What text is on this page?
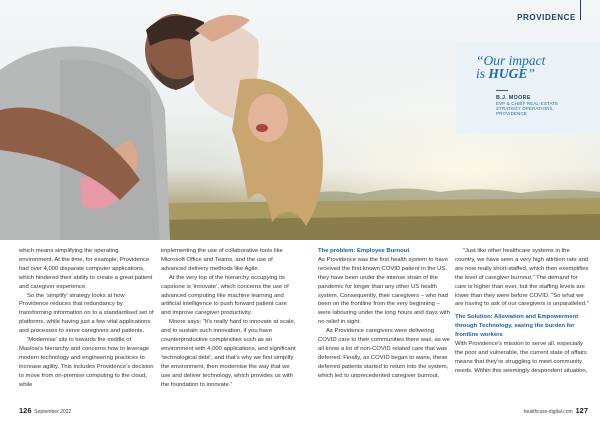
PROVIDENCE
“Our impact
is HUGE”
B.J. MOORE
EVP & CHIEF REAL-ESTATE
STRATEGY OPERATIONS,
PROVIDENCE

which means simplifying the operating environment. At the time, for example, Providence had over 4,000 disparate computer applications, which hindered their ability to create a great patient and caregiver experience.

So the ‘simplify’ strategy looks at how Providence reduces that redundancy by transforming information on to a standardised set of platforms, while having just a few vital applications and processes to serve caregivers and patients.

‘Modernise’ sits in towards the middle of Maslow’s hierarchy and concerns how to leverage modern technology and engineering practices to increase agility. This includes Providence’s decision to move from on-premise computing to the cloud, while

implementing the use of collaborative tools like Microsoft Office and Teams, and the use of advanced delivery methods like Agile.

At the very top of the hierarchy occupying its capstone is ‘innovate’, which concerns the use of advanced computing like machine learning and artificial intelligence to push forward patient care and improve caregiver productivity.

Moore says: “It’s really hard to innovate at scale, and to sustain such innovation, if you have counterproductive complexities such as an environment with 4,000 applications, and significant ‘technological debt’, and that’s why we first simplify the environment, then modernise the way that we use and deliver technology, which provides us with the foundation to innovate.”

The problem: Employee Burnout

As Providence was the first health system to have received the first known COVID patient in the US, they have been under the intense strain of the pandemic for longer than any other US health system. Consequently, their caregivers – who had been on the frontline from the very beginning – were labouring under the long hours and days with no relief in sight.

As Providence caregivers were delivering COVID care to their communities there was, as we all know a lot of non-COVID related care that was deferred. Finally, as COVID began to wane, these deferred patients started to return into the system, which led to unprecedented caregiver burnout.

“Just like other healthcare systems in the country, we have seen a very high attrition rate and are now really short-staffed, which then exemplifies the level of caregiver burnout.” The demand for care is higher than ever, but the staffing levels are lower than they were before COVID. “So what we are having to ask of our caregivers is unparalleled.”

The Solution: Alleviation and Empowerment through Technology, easing the burden for frontline workers

With Providence’s mission to serve all, especially the poor and vulnerable, the current state of affairs means that they’re struggling to meet community needs. Within this seemingly despondent situation,

126 September 2022	healthcare-digital.com 127
